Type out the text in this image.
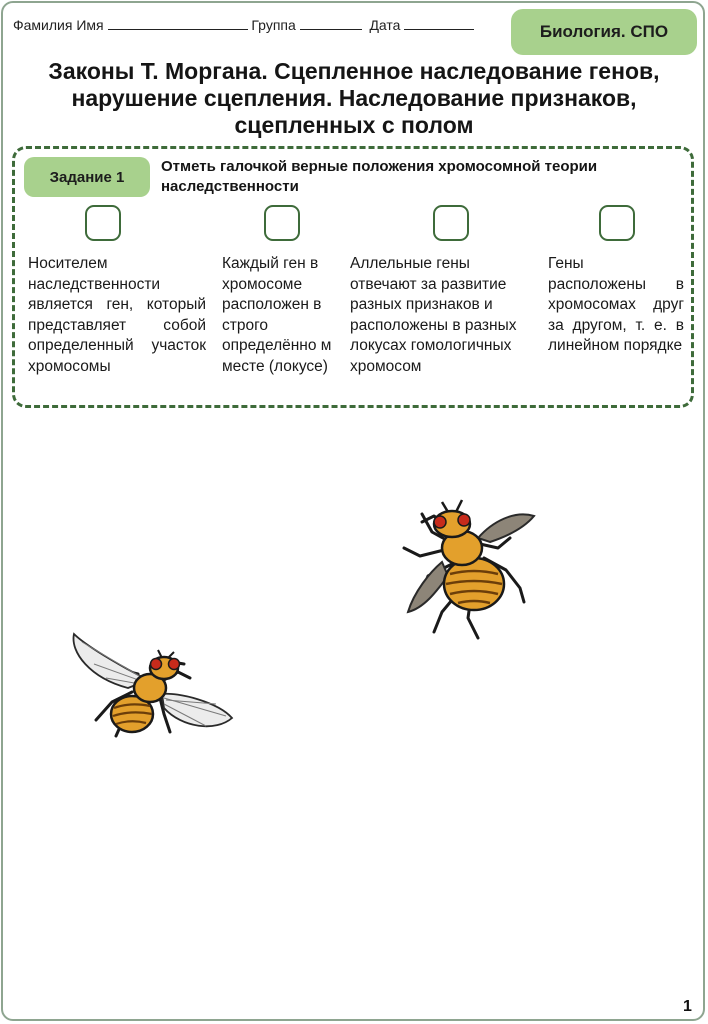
Фамилия Имя	Группа	Дата	Биология. СПО
Законы Т. Моргана. Сцепленное наследование генов, нарушение сцепления. Наследование признаков, сцепленных с полом
Задание 1
Отметь галочкой верные положения хромосомной теории наследственности
Носителем наследственности является ген, который представляет собой определенный участок хромосомы
Каждый ген в хромосоме расположен в строго определённо м месте (локусе)
Аллельные гены отвечают за развитие разных признаков и расположены в разных локусах гомологичных хромосом
Гены расположены в хромосомах друг за другом, т. е. в линейном порядке
1
